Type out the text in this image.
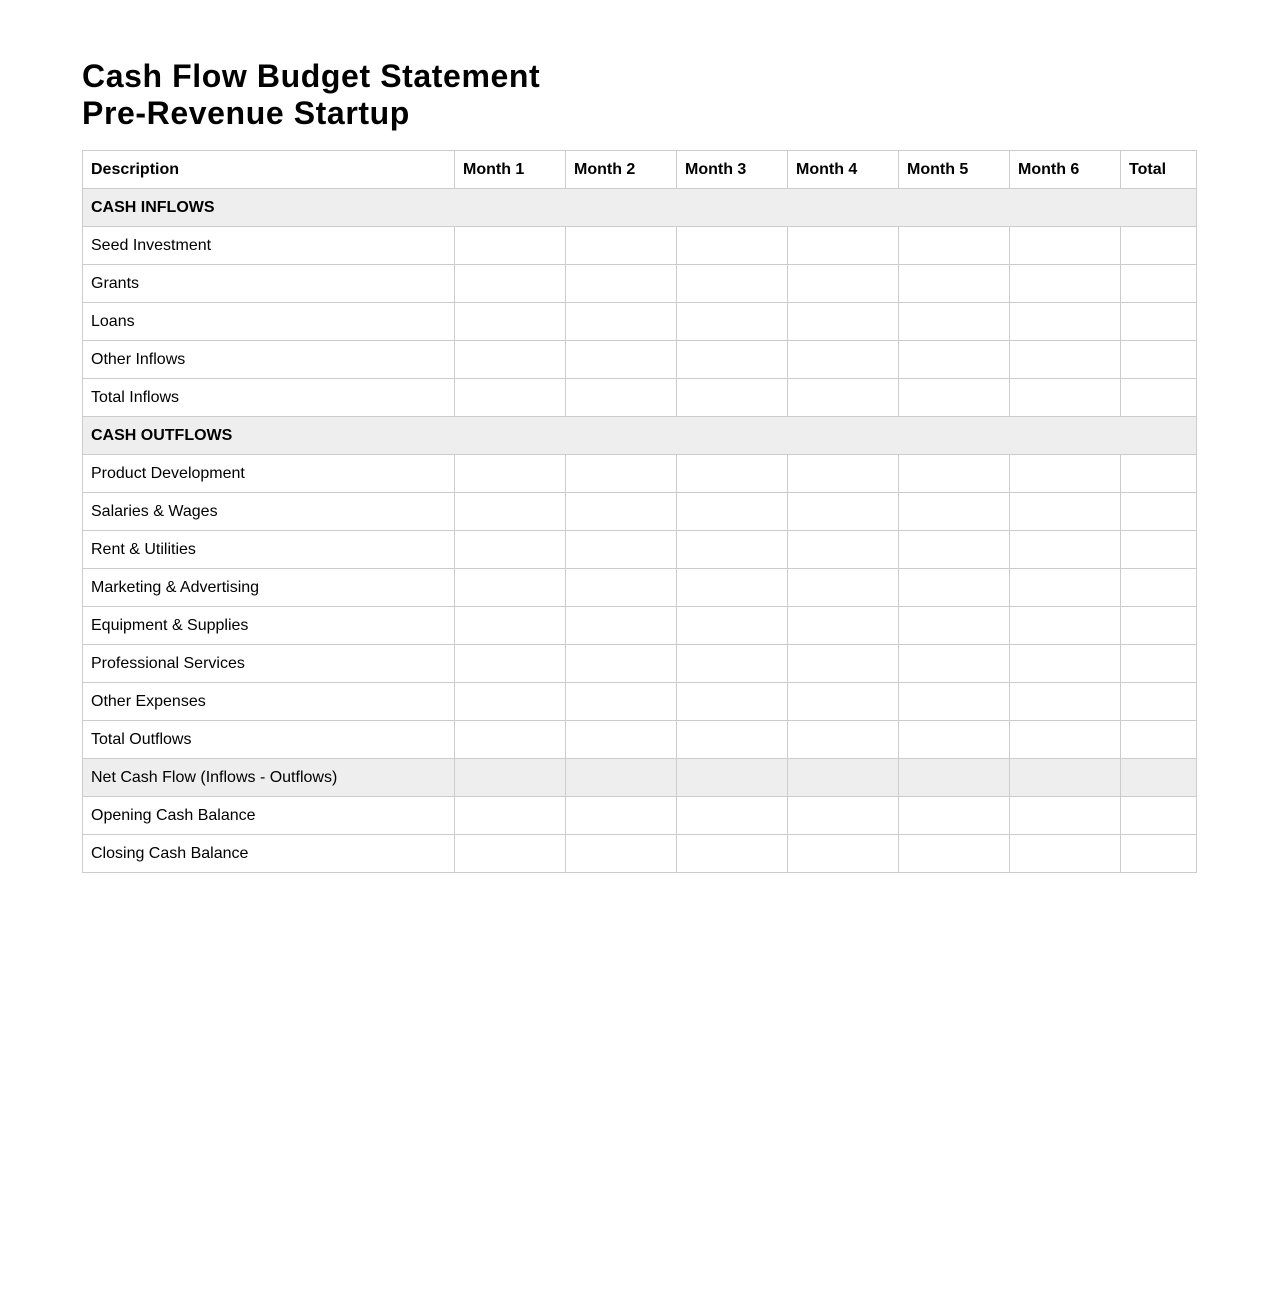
Cash Flow Budget Statement
Pre-Revenue Startup
Description	Month 1	Month 2	Month 3	Month 4	Month 5	Month 6	Total
CASH INFLOWS							
Seed Investment							
Grants							
Loans							
Other Inflows							
Total Inflows							
CASH OUTFLOWS							
Product Development							
Salaries & Wages							
Rent & Utilities							
Marketing & Advertising							
Equipment & Supplies							
Professional Services							
Other Expenses							
Total Outflows							
Net Cash Flow (Inflows - Outflows)							
Opening Cash Balance							
Closing Cash Balance							
